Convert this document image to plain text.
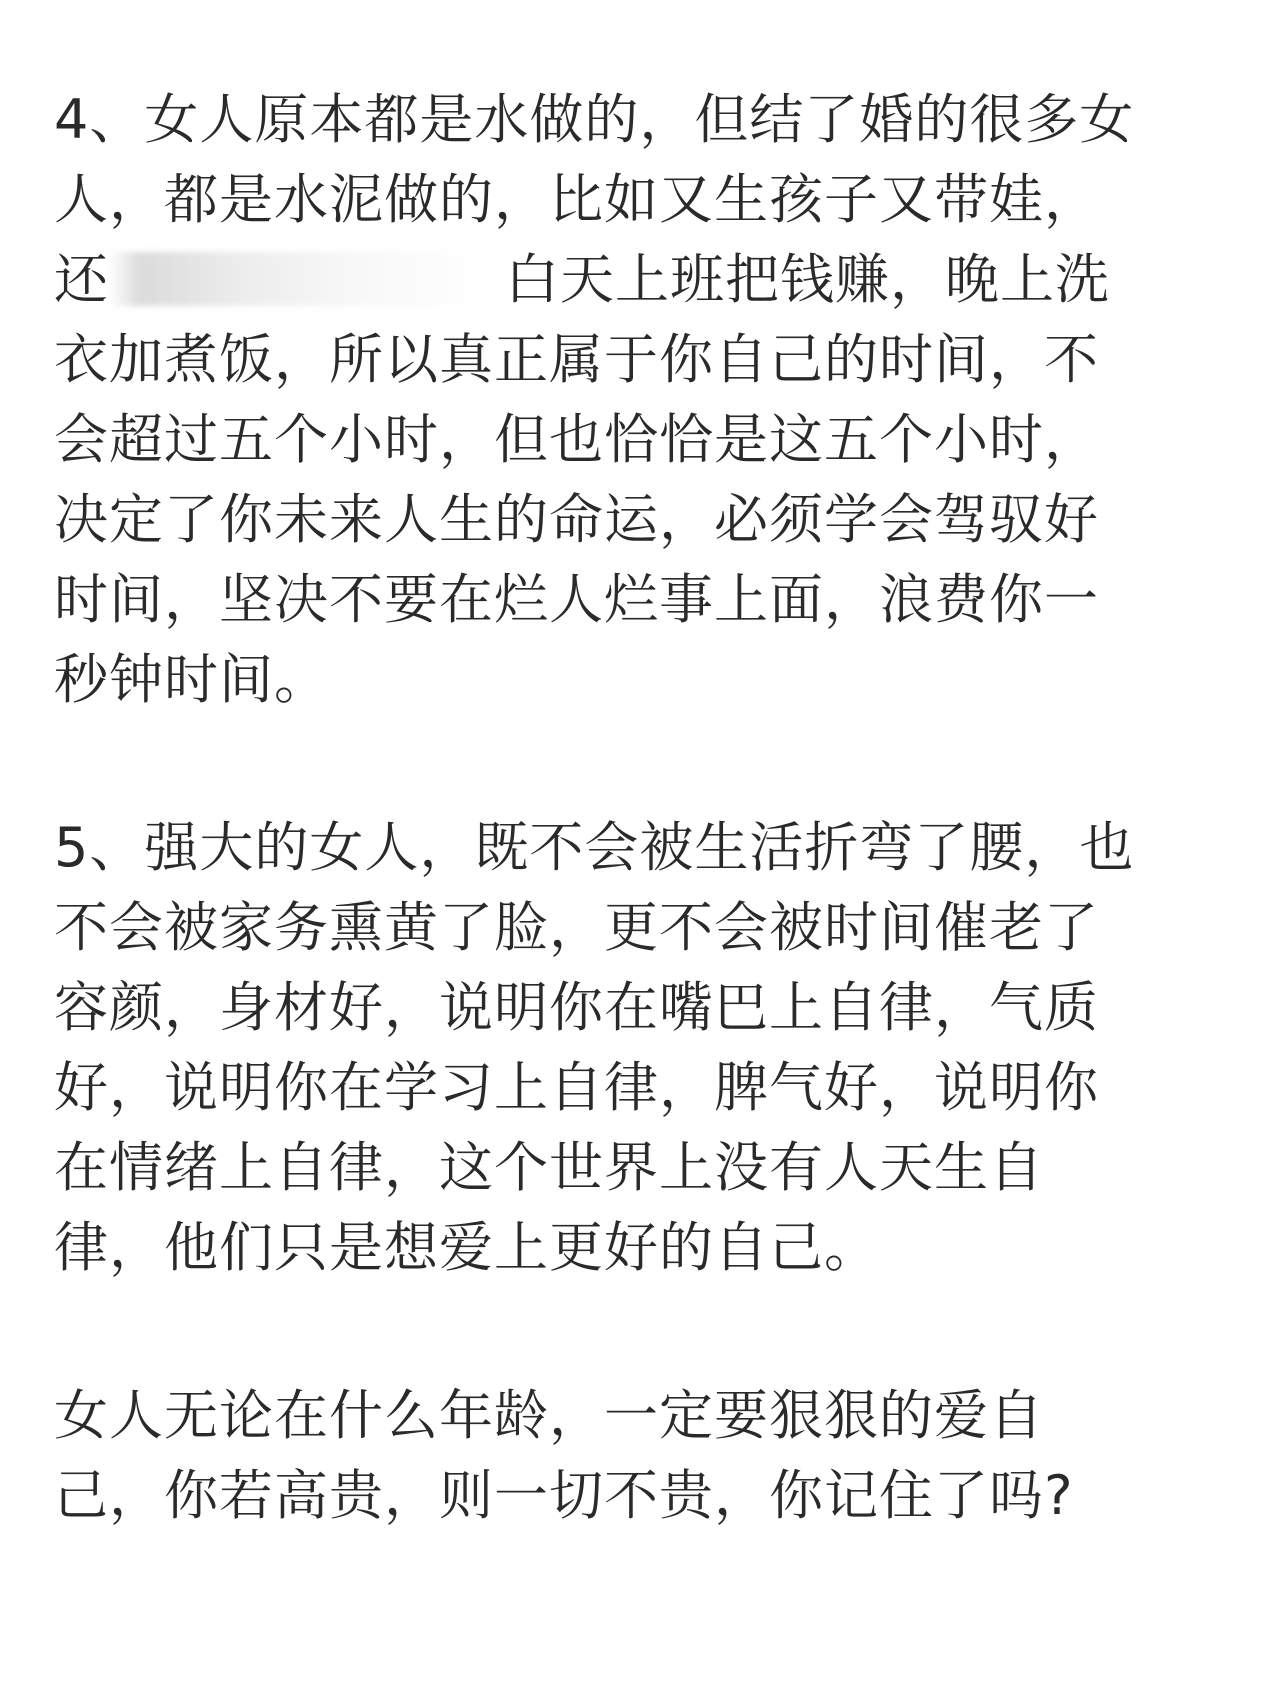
4、女人原本都是水做的，但结了婚的很多女
人，都是水泥做的，比如又生孩子又带娃，
还	白天上班把钱赚，晚上洗
衣加煮饭，所以真正属于你自己的时间，不
会超过五个小时，但也恰恰是这五个小时，
决定了你未来人生的命运，必须学会驾驭好
时间，坚决不要在烂人烂事上面，浪费你一
秒钟时间。
5、强大的女人，既不会被生活折弯了腰，也
不会被家务熏黄了脸，更不会被时间催老了
容颜，身材好，说明你在嘴巴上自律，气质
好，说明你在学习上自律，脾气好，说明你
在情绪上自律，这个世界上没有人天生自
律，他们只是想爱上更好的自己。
女人无论在什么年龄，一定要狠狠的爱自
己，你若高贵，则一切不贵，你记住了吗?
